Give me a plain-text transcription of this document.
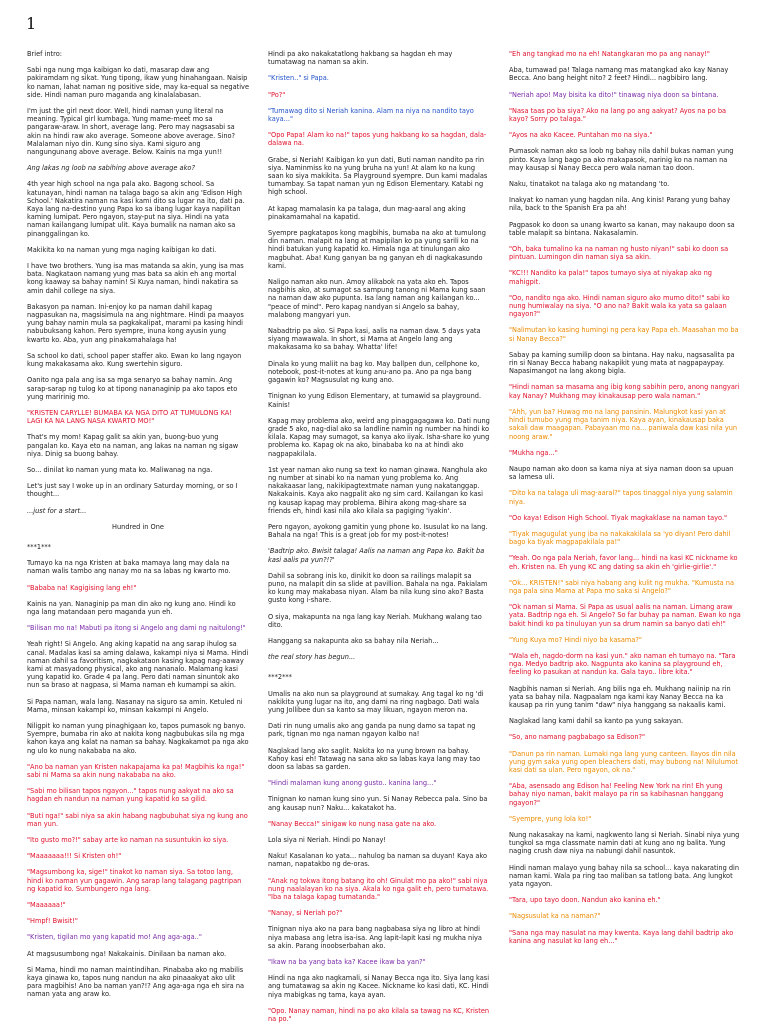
1

Brief intro:

Sabi nga nung mga kaibigan ko dati, masarap daw ang pakiramdam ng sikat. Yung tipong, ikaw yung hinahangaan. Naisip ko naman, lahat naman ng positive side, may ka-equal sa negative side. Hindi naman puro maganda ang kinalalabasan.

I'm just the girl next door. Well, hindi naman yung literal na meaning. Typical girl kumbaga. Yung mame-meet mo sa pangaraw-araw. In short, average lang. Pero may nagsasabi sa akin na hindi raw ako average. Someone above average. Sino? Malalaman niyo din. Kung sino siya. Kami siguro ang nangungunang above average. Below. Kainis na mga yun!!

Ang lakas ng loob na sabihing above average ako?

4th year high school na nga pala ako. Bagong school. Sa katunayan, hindi naman na talaga bago sa akin ang 'Edison High School.' Nakatira naman na kasi kami dito sa lugar na ito, dati pa. Kaya lang na-destino yung Papa ko sa ibang lugar kaya napilitan kaming lumipat. Pero ngayon, stay-put na siya. Hindi na yata naman kailangang lumipat ulit. Kaya bumalik na naman ako sa pinanggalingan ko.

Makikita ko na naman yung mga naging kaibigan ko dati.

I have two brothers. Yung isa mas matanda sa akin, yung isa mas bata. Nagkataon namang yung mas bata sa akin eh ang mortal kong kaaway sa bahay namin! Si Kuya naman, hindi nakatira sa amin dahil college na siya.

Bakasyon pa naman. Ini-enjoy ko pa naman dahil kapag nagpasukan na, magsisimula na ang nightmare. Hindi pa maayos yung bahay namin mula sa pagkakalipat, marami pa kasing hindi nabubuksang kahon. Pero syempre, inuna kong ayusin yung kwarto ko. Aba, yun ang pinakamahalaga ha!

Sa school ko dati, school paper staffer ako. Ewan ko lang ngayon kung makakasama ako. Kung swertehin siguro.

Oanito nga pala ang isa sa mga senaryo sa bahay namin. Ang sarap-sarap ng tulog ko at tipong nananaginip pa ako tapos eto yung maririnig mo.

"KRISTEN CARYLLE! BUMABA KA NGA DITO AT TUMULONG KA! LAGI KA NA LANG NASA KWARTO MO!"

That's my mom! Kapag galit sa akin yan, buong-buo yung pangalan ko. Kaya eto na naman, ang lakas na naman ng sigaw niya. Dinig sa buong bahay.

So... dinilat ko naman yung mata ko. Maliwanag na nga.

Let's just say I woke up in an ordinary Saturday morning, or so I thought...

...just for a start...

Hundred in One

***1***

Tumayo ka na nga Kristen at baka mamaya lang may dala na naman walis tambo ang nanay mo na sa labas ng kwarto mo.

"Bababa na! Kagigising lang eh!"

Kainis na yan. Nanaginip pa man din ako ng kung ano. Hindi ko nga lang matandaan pero maganda yun eh.

"Bilisan mo na! Mabuti pa itong si Angelo ang dami ng naitulong!"

Yeah right! Si Angelo. Ang aking kapatid na ang sarap ihulog sa canal. Madalas kasi sa aming dalawa, kakampi niya si Mama. Hindi naman dahil sa favoritism, nagkakataon kasing kapag nag-aaway kami at masyadong physical, ako ang nananalo. Malamang kasi yung kapatid ko. Grade 4 pa lang. Pero dati naman sinuntok ako nun sa braso at nagpasa, si Mama naman eh kumampi sa akin.

Si Papa naman, wala lang. Nasanay na siguro sa amin. Ketuled ni Mama, minsan kakampi ko, minsan kakampi ni Angelo.

Niligpit ko naman yung pinaghigaan ko, tapos pumasok ng banyo. Syempre, bumaba rin ako at nakita kong nagbubukas sila ng mga kahon kaya ang kalat na naman sa bahay. Nagkakamot pa nga ako ng ulo ko nung nakababa na ako.

"Ano ba naman yan Kristen nakapajama ka pa! Magbihis ka nga!" sabi ni Mama sa akin nung nakababa na ako.

"Sabi mo bilisan tapos ngayon..." tapos nung aakyat na ako sa hagdan eh nandun na naman yung kapatid ko sa gilid.

"Buti nga!" sabi niya sa akin habang nagbubuhat siya ng kung ano man yun.

"Ito gusto mo?!" sabay arte ko naman na susuntukin ko siya.

"Maaaaaaa!!! Si Kristen oh!"

"Magsumbong ka, sige!" tinakot ko naman siya. Sa totoo lang, hindi ko naman yun gagawin. Ang sarap lang talagang pagtripan ng kapatid ko. Sumbungero nga lang.

"Maaaaaa!"

"Hmpf! Bwisit!"

"Kristen, tigilan mo yang kapatid mo! Ang aga-aga.."

At magsusumbong nga! Nakakainis. Dinilaan ba naman ako.

Si Mama, hindi mo naman maintindihan. Pinababa ako ng mabilis kaya ginawa ko, tapos nung nandun na ako pinaaakyat ako ulit para magbihis! Ano ba naman yan?!? Ang aga-aga nga eh sira na naman yata ang araw ko.

Hindi pa ako nakakatatlong hakbang sa hagdan eh may tumatawag na naman sa akin.

"Kristen.." si Papa.

"Po?"

"Tumawag dito si Neriah kanina. Alam na niya na nandito tayo kaya..."

"Opo Papa! Alam ko na!" tapos yung hakbang ko sa hagdan, dala-dalawa na.

Grabe, si Neriah! Kaibigan ko yun dati, Buti naman nandito pa rin siya. Naminmiss ko na yung bruha na yun! At alam ko na kung saan ko siya makikita. Sa Playground syempre. Dun kami madalas tumambay. Sa tapat naman yun ng Edison Elementary. Katabi ng high school.

At kapag mamalasin ka pa talaga, dun mag-aaral ang aking pinakamamahal na kapatid.

Syempre pagkatapos kong magbihis, bumaba na ako at tumulong din naman. malapit na lang at mapipilan ko pa yung sarili ko na hindi batukan yung kapatid ko. Himala nga at tinulungan ako magbuhat. Aba! Kung ganyan ba ng ganyan eh di nagkakasundo kami.

Naligo naman ako nun. Amoy alikabok na yata ako eh. Tapos nagbihis ako, at sumagot sa sampung tanong ni Mama kung saan na naman daw ako pupunta. Isa lang naman ang kailangan ko... "peace of mind". Pero kapag nandyan si Angelo sa bahay, malabong mangyari yun.

Nabadtrip pa ako. Si Papa kasi, aalis na naman daw. 5 days yata siyang mawawala. In short, si Mama at Angelo lang ang makakasama ko sa bahay. Whatta' life!

Dinala ko yung maliit na bag ko. May ballpen dun, cellphone ko, notebook, post-it-notes at kung anu-ano pa. Ano pa nga bang gagawin ko? Magsusulat ng kung ano.

Tinignan ko yung Edison Elementary, at tumawid sa playground. Kainis!

Kapag may problema ako, weird ang pinaggagagawa ko. Dati nung grade 5 ako, nag-dial ako sa landline namin ng number na hindi ko kilala. Kapag may sumagot, sa kanya ako iiyak. Isha-share ko yung problema ko. Kapag ok na ako, binababa ko na at hindi ako nagpapakilala.

1st year naman ako nung sa text ko naman ginawa. Nanghula ako ng number at sinabi ko na naman yung problema ko. Ang nakakaasar lang, nakikipagtextmate naman yung nakatanggap. Nakakainis. Kaya ako nagpalit ako ng sim card. Kailangan ko kasi ng kausap kapag may problema. Bihira akong mag-share sa friends eh, hindi kasi nila ako kilala sa pagiging 'iyakin'.

Pero ngayon, ayokong gamitin yung phone ko. Isusulat ko na lang. Bahala na nga! This is a great job for my post-it-notes!

'Badtrip ako. Bwisit talaga! Aalis na naman ang Papa ko. Bakit ba kasi aalis pa yun?!?'

Dahil sa sobrang inis ko, dinikit ko doon sa railings malapit sa puno, na malapit din sa slide at pavillion. Bahala na nga. Pakialam ko kung may makabasa niyan. Alam ba nila kung sino ako? Basta gusto kong i-share.

O siya, makapunta na nga lang kay Neriah. Mukhang walang tao dito.

Hanggang sa nakapunta ako sa bahay nila Neriah...

the real story has begun...

***2***

Umalis na ako nun sa playground at sumakay. Ang tagal ko ng 'di nakikita yung lugar na ito, ang dami na ring nagbago. Dati wala yung Jollibee dun sa kanto sa may likuan, ngayon meron na.

Dati rin nung umalis ako ang ganda pa nung damo sa tapat ng park, tignan mo nga naman ngayon kalbo na!

Naglakad lang ako saglit. Nakita ko na yung brown na bahay. Kahoy kasi eh! Tatawag na sana ako sa labas kaya lang may tao doon sa labas sa garden.

"Hindi malaman kung anong gusto.. kanina lang..."

Tinignan ko naman kung sino yun. Si Nanay Rebecca pala. Sino ba ang kausap nun? Naku... kakatakot ha.

"Nanay Becca!" sinigaw ko nung nasa gate na ako.

Lola siya ni Neriah. Hindi po Nanay!

Naku! Kasalanan ko yata... nahulog ba naman sa duyan! Kaya ako naman, napatakbo ng de-oras.

"Anak ng tokwa itong batang ito oh! Ginulat mo pa ako!" sabi niya nung naalalayan ko na siya. Akala ko nga galit eh, pero tumatawa. "Iba na talaga kapag tumatanda."

"Nanay, si Neriah po?"

Tinignan niya ako na para bang nagbabasa siya ng libro at hindi niya mabasa ang letra isa-isa. Ang lapit-lapit kasi ng mukha niya sa akin. Parang inoobserbahan ako.

"Ikaw na ba yang bata ka? Kacee ikaw ba yan?"

Hindi na nga ako nagkamali, si Nanay Becca nga ito. Siya lang kasi ang tumatawag sa akin ng Kacee. Nickname ko kasi dati, KC. Hindi niya mabigkas ng tama, kaya ayan.

"Opo. Nanay naman, hindi na po ako kilala sa tawag na KC, Kristen na po."

"Eh ang tangkad mo na eh! Natangkaran mo pa ang nanay!"

Aba, tumawad pa! Talaga namang mas matangkad ako kay Nanay Becca. Ano bang height nito? 2 feet? Hindi... nagbibiro lang.

"Neriah apo! May bisita ka dito!" tinawag niya doon sa bintana.

"Nasa taas po ba siya? Ako na lang po ang aakyat? Ayos na po ba kayo? Sorry po talaga."

"Ayos na ako Kacee. Puntahan mo na siya."

Pumasok naman ako sa loob ng bahay nila dahil bukas naman yung pinto. Kaya lang bago pa ako makapasok, narinig ko na naman na may kausap si Nanay Becca pero wala naman tao doon.

Naku, tinatakot na talaga ako ng matandang 'to.

Inakyat ko naman yung hagdan nila. Ang kinis! Parang yung bahay nila, back to the Spanish Era pa ah!

Pagpasok ko doon sa unang kwarto sa kanan, may nakaupo doon sa table malapit sa bintana. Nakasalamin.

"Oh, baka tumalino ka na naman ng husto niyan!" sabi ko doon sa pintuan. Lumingon din naman siya sa akin.

"KC!!! Nandito ka pala!" tapos tumayo siya at niyakap ako ng mahigpit.

"Oo, nandito nga ako. Hindi naman siguro ako mumo dito!" sabi ko nung humiwalay na siya. "O ano na? Bakit wala ka yata sa galaan ngayon?"

"Nalimutan ko kasing humingi ng pera kay Papa eh. Maasahan mo ba si Nanay Becca?"

Sabay pa kaming sumilip doon sa bintana. Hay naku, nagsasalita pa rin si Nanay Becca habang nakapikit yung mata at nagpapaypay. Napasimangot na lang akong bigla.

"Hindi naman sa masama ang ibig kong sabihin pero, anong nangyari kay Nanay? Mukhang may kinakausap pero wala naman."

"Ahh, yun ba? Huwag mo na lang pansinin. Malungkot kasi yan at hindi tumubo yung mga tanim niya. Kaya ayan, kinakausap baka sakali daw maagapan. Pabayaan mo na... paniwala daw kasi nila yun noong araw."

"Mukha nga..."

Naupo naman ako doon sa kama niya at siya naman doon sa upuan sa lamesa uli.

"Dito ka na talaga uli mag-aaral?" tapos tinaggal niya yung salamin niya.

"Oo kaya! Edison High School. Tiyak magkaklase na naman tayo."

"Tiyak magugulat yung iba na nakakakilala sa 'yo diyan! Pero dahil bago ka tiyak magpapakilala pa!"

"Yeah. Oo nga pala Neriah, favor lang... hindi na kasi KC nickname ko eh. Kristen na. Eh yung KC ang dating sa akin eh 'girlie-girlie'."

"Ok... KRISTEN!" sabi niya habang ang kulit ng mukha. "Kumusta na nga pala sina Mama at Papa mo saka si Angelo?"

"Ok naman si Mama. Si Papa as usual aalis na naman. Limang araw yata. Badtrip nga eh. Si Angelo? So far buhay pa naman. Ewan ko nga bakit hindi ko pa tinuluyan yun sa drum namin sa banyo dati eh!"

"Yung Kuya mo? Hindi niyo ba kasama?"

"Wala eh, nagdo-dorm na kasi yun." ako naman eh tumayo na. "Tara nga. Medyo badtrip ako. Nagpunta ako kanina sa playground eh, feeling ko pasukan at nandun ka. Gala tayo.. libre kita."

Nagbihis naman si Neriah. Ang bilis nga eh. Mukhang naiinip na rin yata sa bahay nila. Nagpaalam nga kami kay Nanay Becca na ka kausap pa rin yung tanim "daw" niya hanggang sa nakaalis kami.

Naglakad lang kami dahil sa kanto pa yung sakayan.

"So, ano namang pagbabago sa Edison?"

"Danun pa rin naman. Lumaki nga lang yung canteen. Ilayos din nila yung gym saka yung open bleachers dati, may bubong na! Nilulumot kasi dati sa ulan. Pero ngayon, ok na."

"Aba, asensado ang Edison ha! Feeling New York na rin! Eh yung bahay niyo naman, bakit malayo pa rin sa kabihasnan hanggang ngayon?"

"Syempre, yung lola ko!"

Nung nakasakay na kami, nagkwento lang si Neriah. Sinabi niya yung tungkol sa mga classmate namin dati at kung ano ng balita. Yung naging crush daw niya na nabungi dahil nasuntok.

Hindi naman malayo yung bahay nila sa school... kaya nakarating din naman kami. Wala pa ring tao maliban sa tatlong bata. Ang lungkot yata ngayon.

"Tara, upo tayo doon. Nandun ako kanina eh."

"Nagsusulat ka na naman?"

"Sana nga may nasulat na may kwenta. Kaya lang dahil badtrip ako kanina ang nasulat ko lang eh..."
